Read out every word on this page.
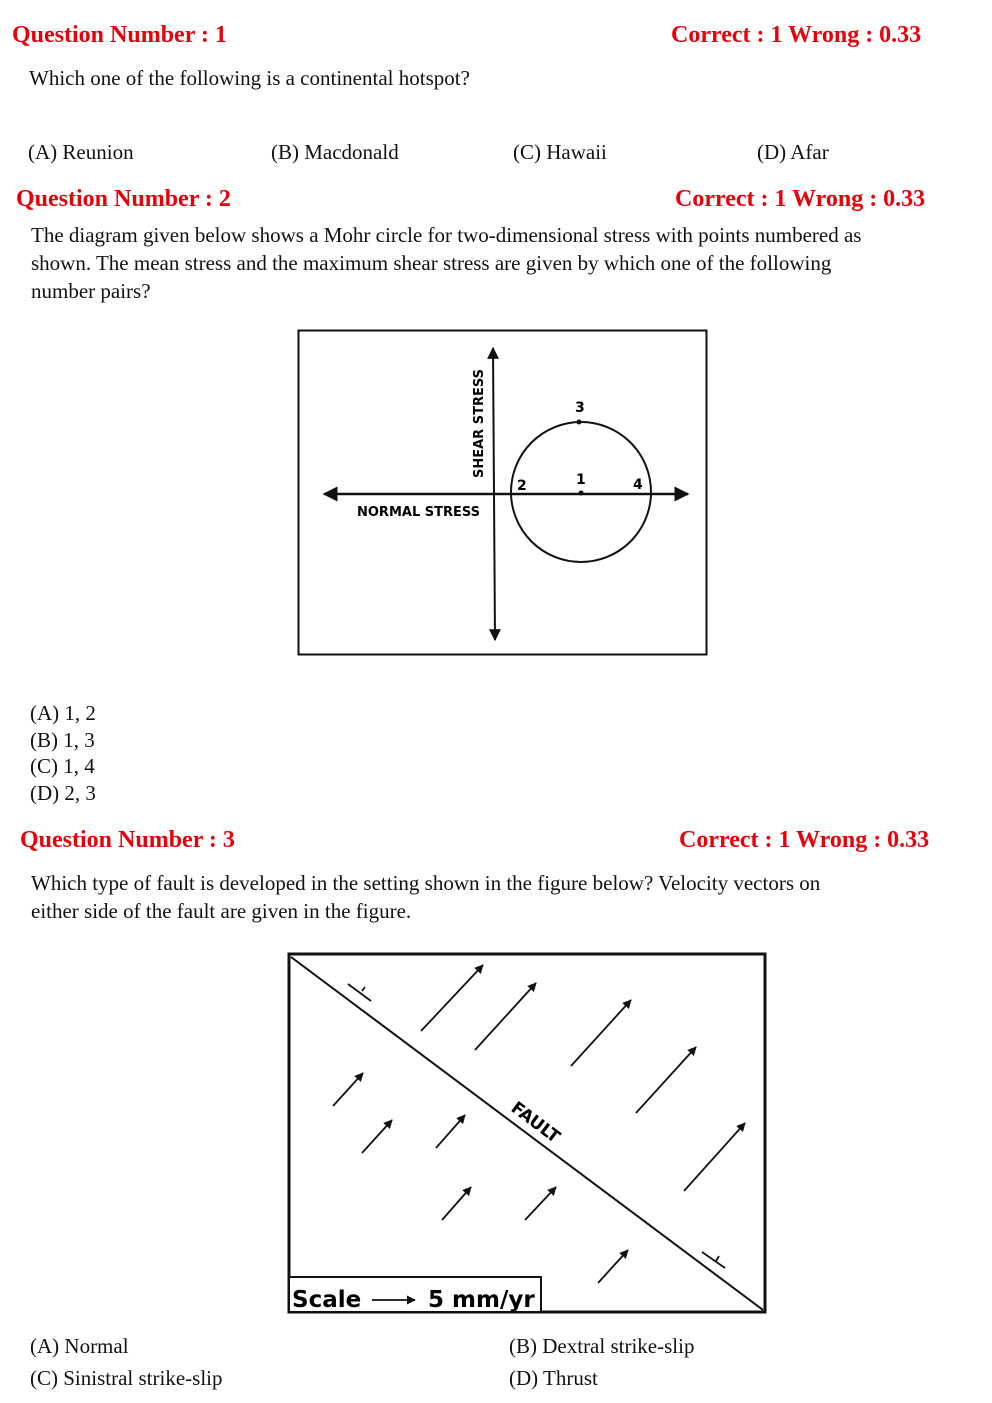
Question Number : 1	Correct : 1 Wrong : 0.33
Which one of the following is a continental hotspot?
(A) Reunion	(B) Macdonald	(C) Hawaii	(D) Afar
Question Number : 2	Correct : 1 Wrong : 0.33
The diagram given below shows a Mohr circle for two-dimensional stress with points numbered as
shown. The mean stress and the maximum shear stress are given by which one of the following
number pairs?
NORMAL STRESS
SHEAR STRESS
1
2
3
4
FAULT
Scale	5 mm/yr
(A) 1, 2
(B) 1, 3
(C) 1, 4
(D) 2, 3
Question Number : 3	Correct : 1 Wrong : 0.33
Which type of fault is developed in the setting shown in the figure below? Velocity vectors on
either side of the fault are given in the figure.
(A) Normal	(B) Dextral strike-slip
(C) Sinistral strike-slip	(D) Thrust
